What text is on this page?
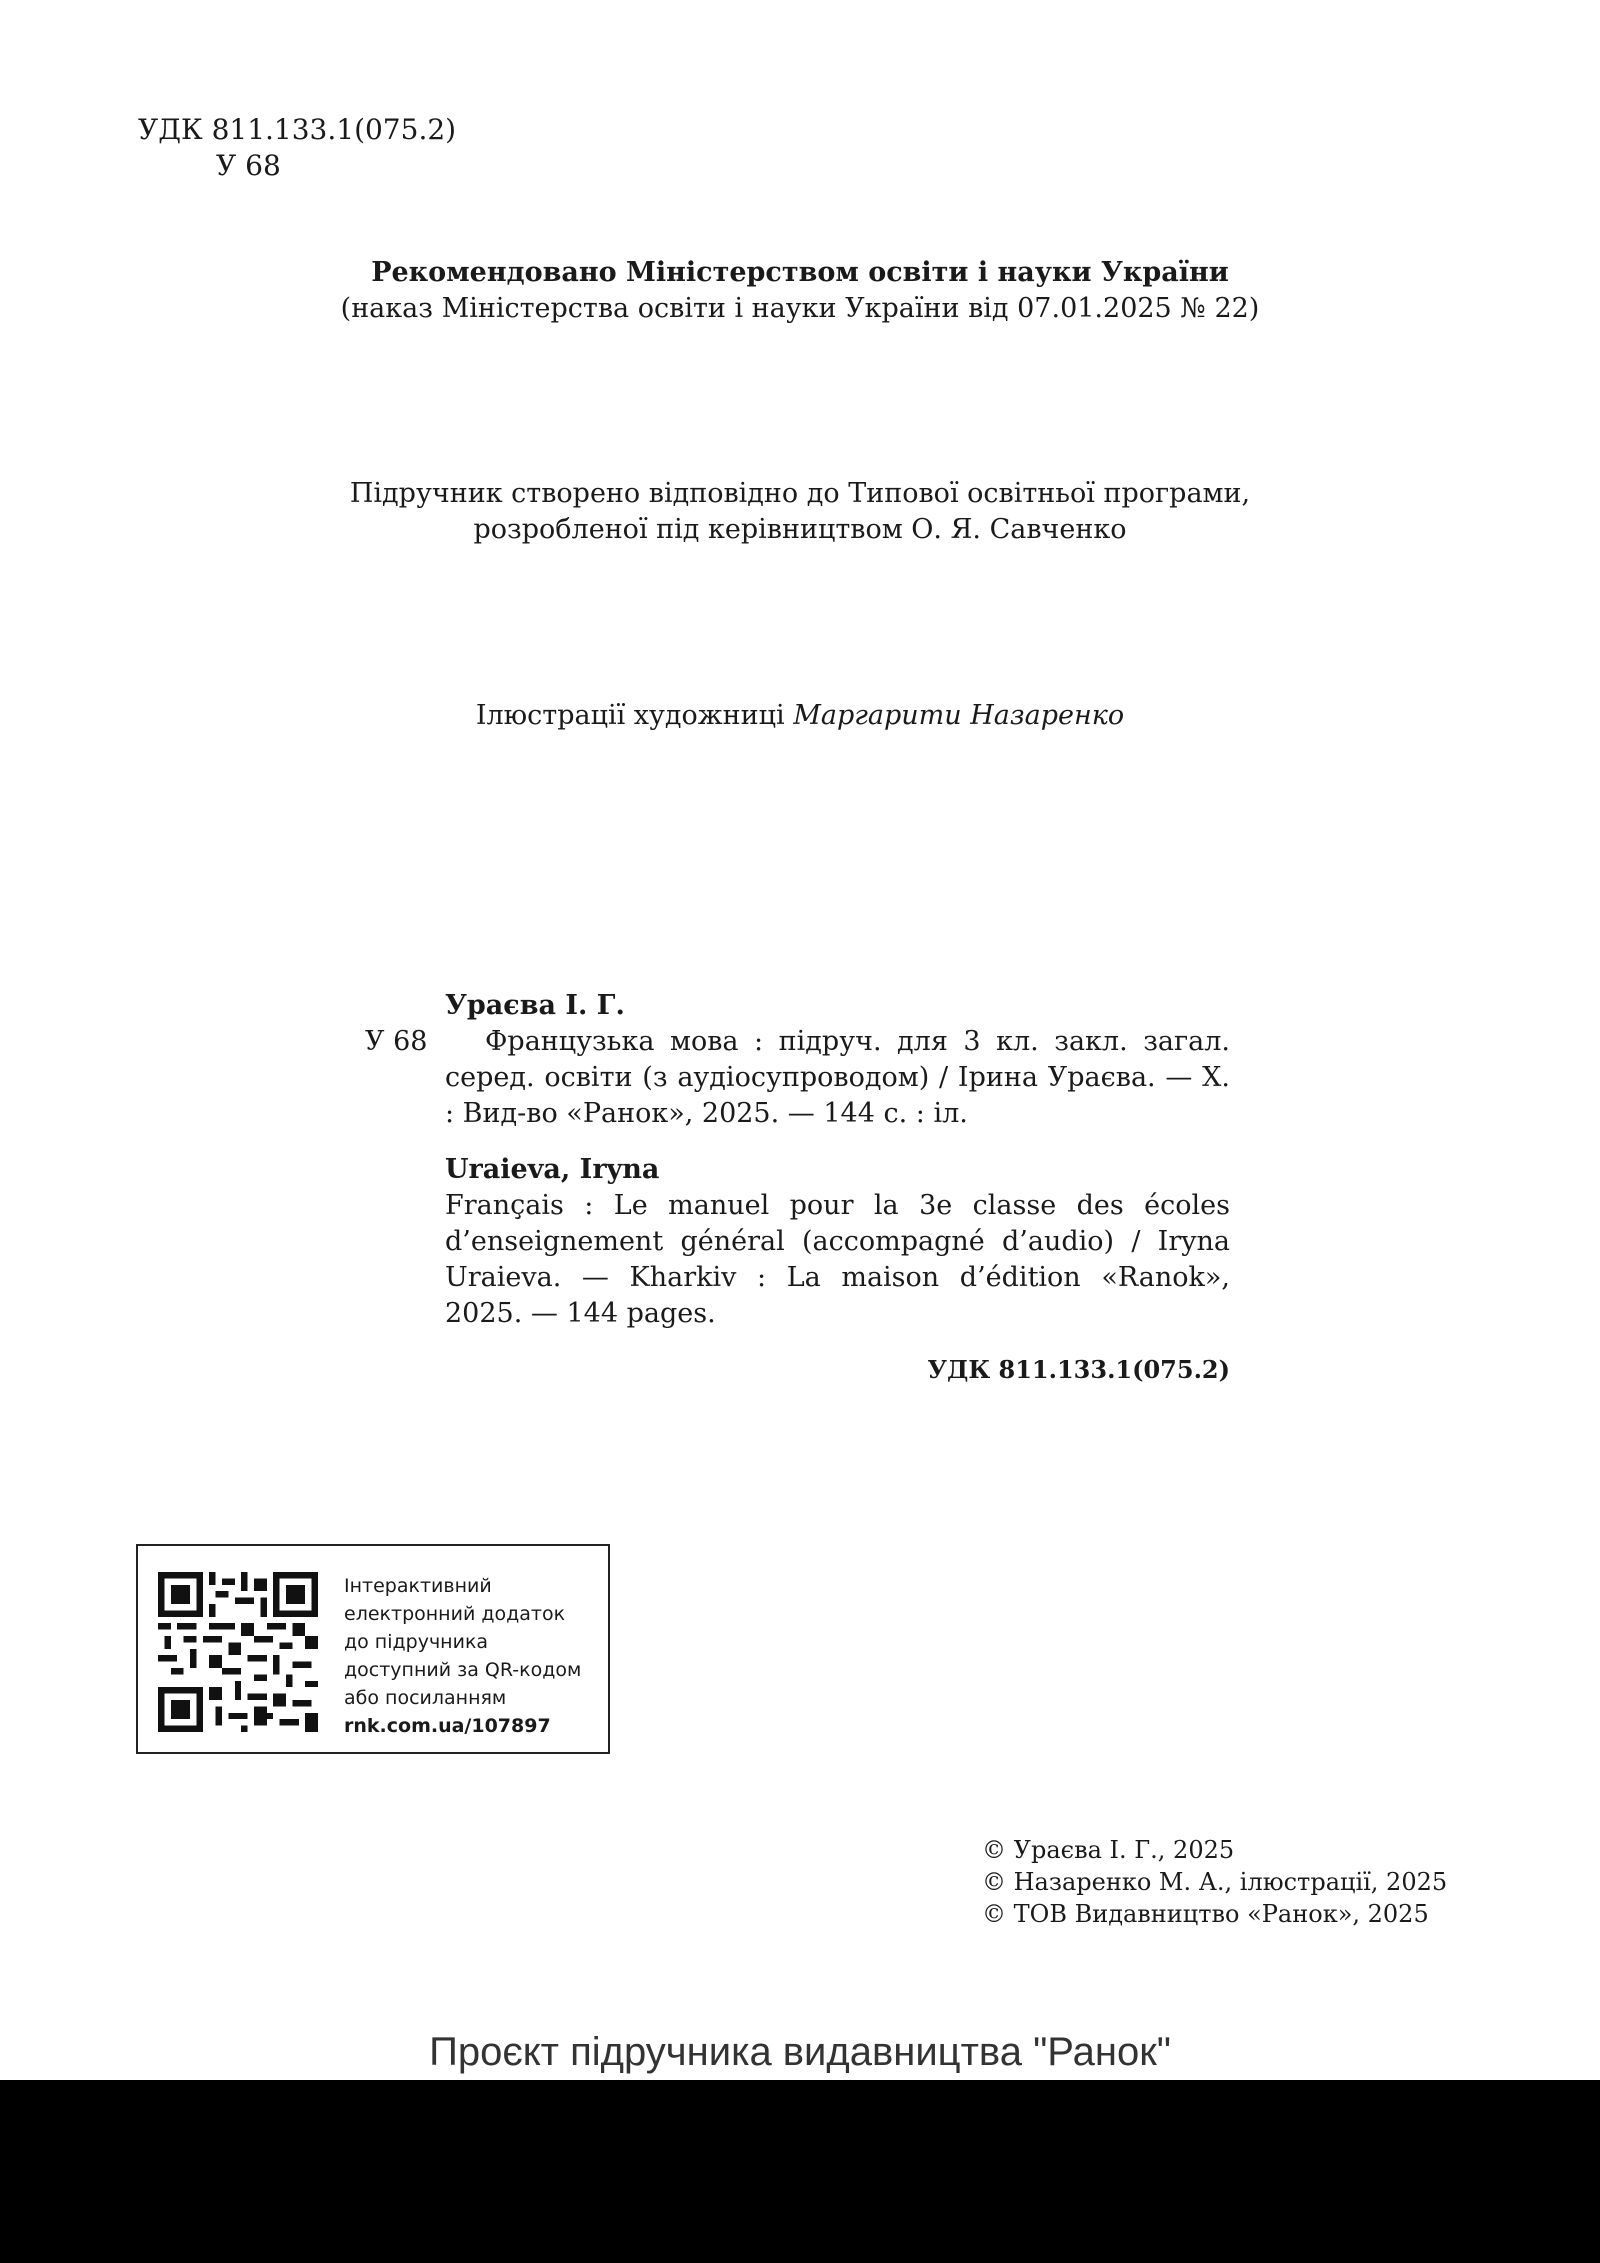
УДК 811.133.1(075.2)
У 68
Рекомендовано Міністерством освіти і науки України
(наказ Міністерства освіти і науки України від 07.01.2025 № 22)
Підручник створено відповідно до Типової освітньої програми,
розробленої під керівництвом О. Я. Савченко
Ілюстрації художниці Маргарити Назаренко
Ураєва І. Г.
У 68	Французька мова : підруч. для 3 кл. закл. загал. серед. освіти (з аудіосупроводом) / Ірина Ураєва. — Х. : Вид-во «Ранок», 2025. — 144 с. : іл.
Uraieva, Iryna
Français : Le manuel pour la 3e classe des écoles d’enseignement général (accompagné d’audio) / Iryna Uraieva. — Kharkiv : La maison d’édition «Ranok», 2025. — 144 pages.
УДК 811.133.1(075.2)
Інтерактивний
електронний додаток
до підручника
доступний за QR-кодом
або посиланням
rnk.com.ua/107897
© Ураєва І. Г., 2025
© Назаренко М. А., ілюстрації, 2025
© ТОВ Видавництво «Ранок», 2025
Проєкт підручника видавництва "Ранок"
